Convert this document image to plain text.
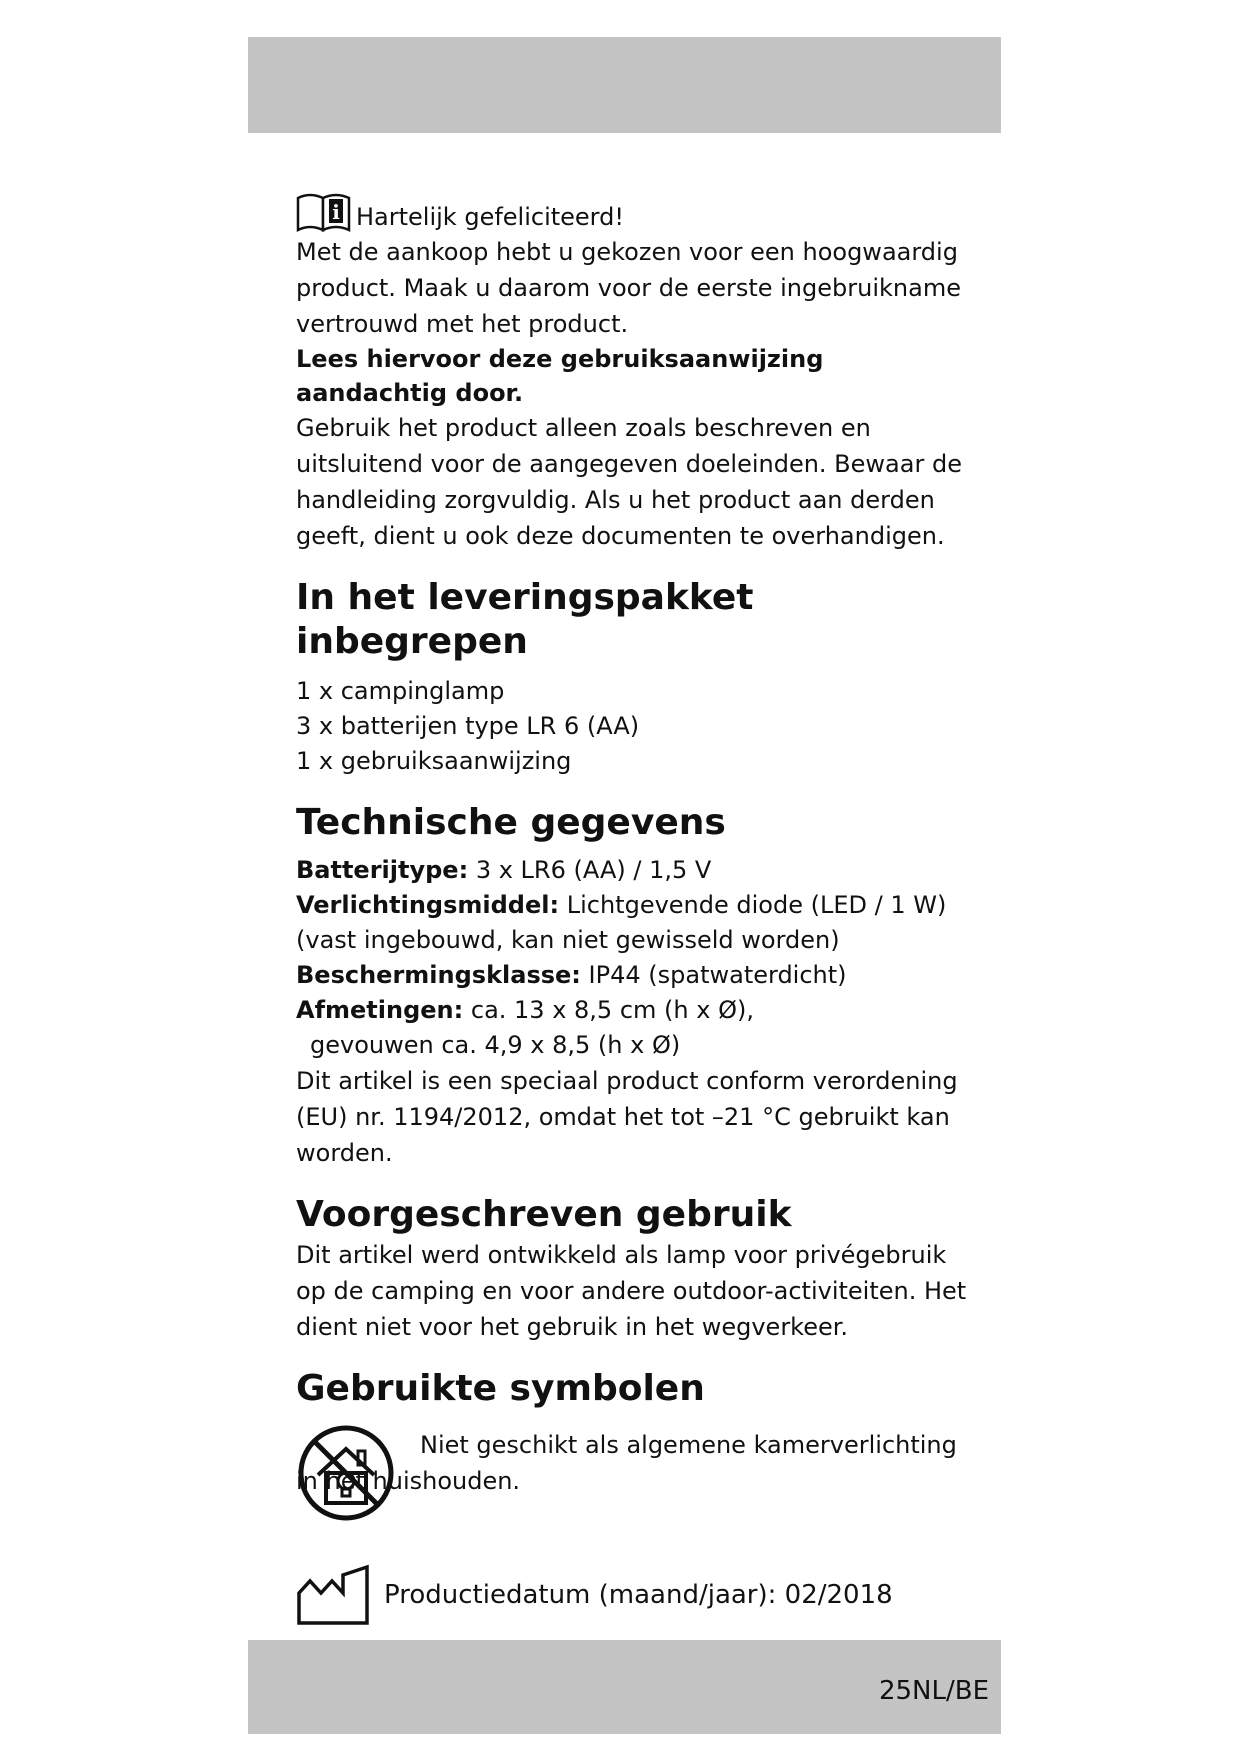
i Hartelijk gefeliciteerd!

Met de aankoop hebt u gekozen voor een hoogwaardig product. Maak u daarom voor de eerste ingebruikname vertrouwd met het product.

Lees hiervoor deze gebruiksaanwijzing aandachtig door.

Gebruik het product alleen zoals beschreven en uitsluitend voor de aangegeven doeleinden. Bewaar de handleiding zorgvuldig. Als u het product aan derden geeft, dient u ook deze documenten te overhandigen.

In het leveringspakket inbegrepen
1 x campinglamp
3 x batterijen type LR 6 (AA)
1 x gebruiksaanwijzing
Technische gegevens
Batterijtype: 3 x LR6 (AA) / 1,5 V
Verlichtingsmiddel: Lichtgevende diode (LED / 1 W)
(vast ingebouwd, kan niet gewisseld worden)
Beschermingsklasse: IP44 (spatwaterdicht)
Afmetingen: ca. 13 x 8,5 cm (h x Ø),
gevouwen ca. 4,9 x 8,5 (h x Ø)

Dit artikel is een speciaal product conform verordening (EU) nr. 1194/2012, omdat het tot –21 °C gebruikt kan worden.

Voorgeschreven gebruik

Dit artikel werd ontwikkeld als lamp voor privégebruik op de camping en voor andere outdoor-activiteiten. Het dient niet voor het gebruik in het wegverkeer.

Gebruikte symbolen
Niet geschikt als algemene kamerverlichting
in het huishouden.
Productiedatum (maand/jaar): 02/2018
25NL/BE
